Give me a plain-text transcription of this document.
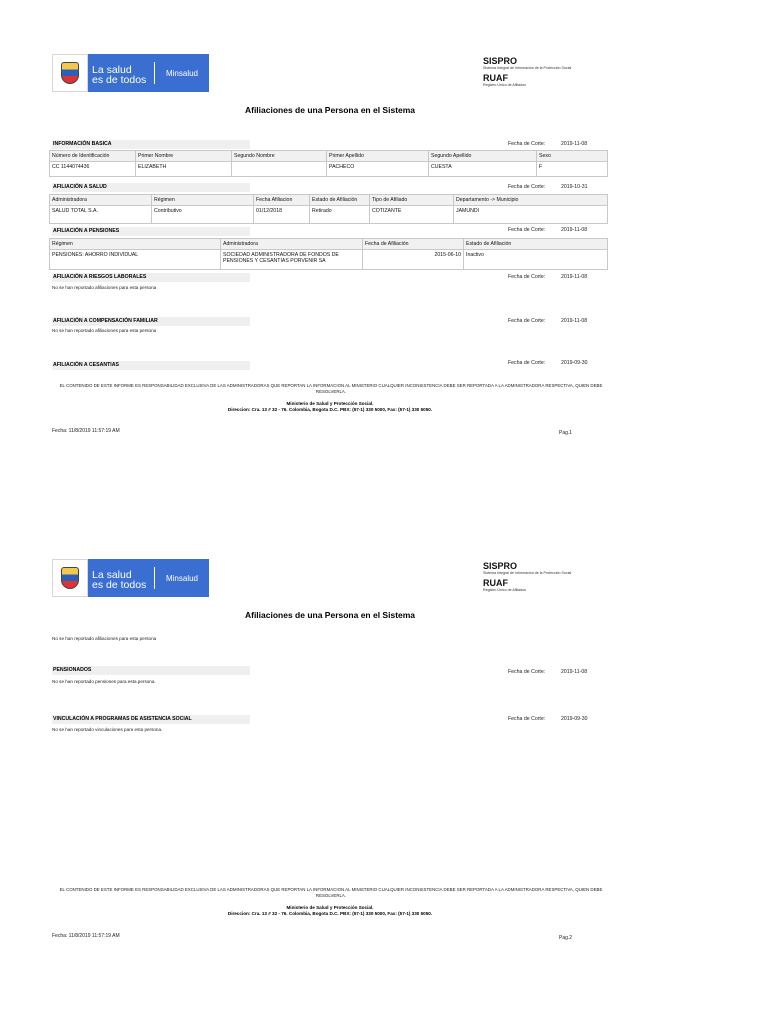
La salud
es de todos
Minsalud
SISPRO
Sistema Integral de Información de la Protección Social
RUAF
Registro Único de Afiliados
Afiliaciones de una Persona en el Sistema
INFORMACIÓN BASICA	Fecha de Corte:	2019-11-08
Número de Identificación	Primer Nombre	Segundo Nombre	Primer Apellido	Segundo Apellido	Sexo
CC 1144074436	ELIZABETH		PACHECO	CUESTA	F
AFILIACIÓN A SALUD	Fecha de Corte:	2019-10-31
Administradora	Régimen	Fecha Afiliacion	Estado de Afiliación	Tipo de Afiliado	Departamento -> Municipio
SALUD TOTAL S.A.	Contributivo	01/12/2018	Retirado	COTIZANTE	JAMUNDI
AFILIACIÓN A PENSIONES	Fecha de Corte:	2019-11-08
Régimen	Administradora	Fecha de Afiliación	Estado de Afiliación
PENSIONES: AHORRO INDIVIDUAL	SOCIEDAD ADMINISTRADORA DE FONDOS DE PENSIONES Y CESANTIAS PORVENIR SA	2015-06-10	Inactivo
AFILIACIÓN A RIESGOS LABORALES	Fecha de Corte:	2019-11-08
No se han reportado afiliaciones para esta persona
AFILIACIÓN A COMPENSACIÓN FAMILIAR	Fecha de Corte:	2019-11-08
No se han reportado afiliaciones para esta persona
AFILIACIÓN A CESANTIAS	Fecha de Corte:	2019-09-30
EL CONTENIDO DE ESTE INFORME ES RESPONSABILIDAD EXCLUSIVA DE LAS ADMINISTRADORAS QUE REPORTAN LA INFORMACION AL MINISTERIO CUALQUIER INCONSISTENCIA DEBE SER REPORTADA A LA ADMINISTRADORA RESPECTIVA, QUIEN DEBE RESOLVERLA.
Ministerio de Salud y Protección Social.
Direccion: Cra. 13 # 32 - 76. Colombia, Bogota D.C. PBX: (57-1) 330 5000, Fax: (57-1) 330 5050.
Fecha: 11/8/2019 11:57:19 AM	Pag.1
La salud
es de todos
Minsalud
SISPRO
Sistema Integral de Información de la Protección Social
RUAF
Registro Único de Afiliados
Afiliaciones de una Persona en el Sistema
No se han reportado afiliaciones para esta persona
PENSIONADOS	Fecha de Corte:	2019-11-08
No se han reportado pensiones para esta persona.
VINCULACIÓN A PROGRAMAS DE ASISTENCIA SOCIAL	Fecha de Corte:	2019-09-30
No se han reportado vinculaciones para esta persona.
EL CONTENIDO DE ESTE INFORME ES RESPONSABILIDAD EXCLUSIVA DE LAS ADMINISTRADORAS QUE REPORTAN LA INFORMACION AL MINISTERIO CUALQUIER INCONSISTENCIA DEBE SER REPORTADA A LA ADMINISTRADORA RESPECTIVA, QUIEN DEBE RESOLVERLA.
Ministerio de Salud y Protección Social.
Direccion: Cra. 13 # 32 - 76. Colombia, Bogota D.C. PBX: (57-1) 330 5000, Fax: (57-1) 330 5050.
Fecha: 11/8/2019 11:57:19 AM	Pag.2
